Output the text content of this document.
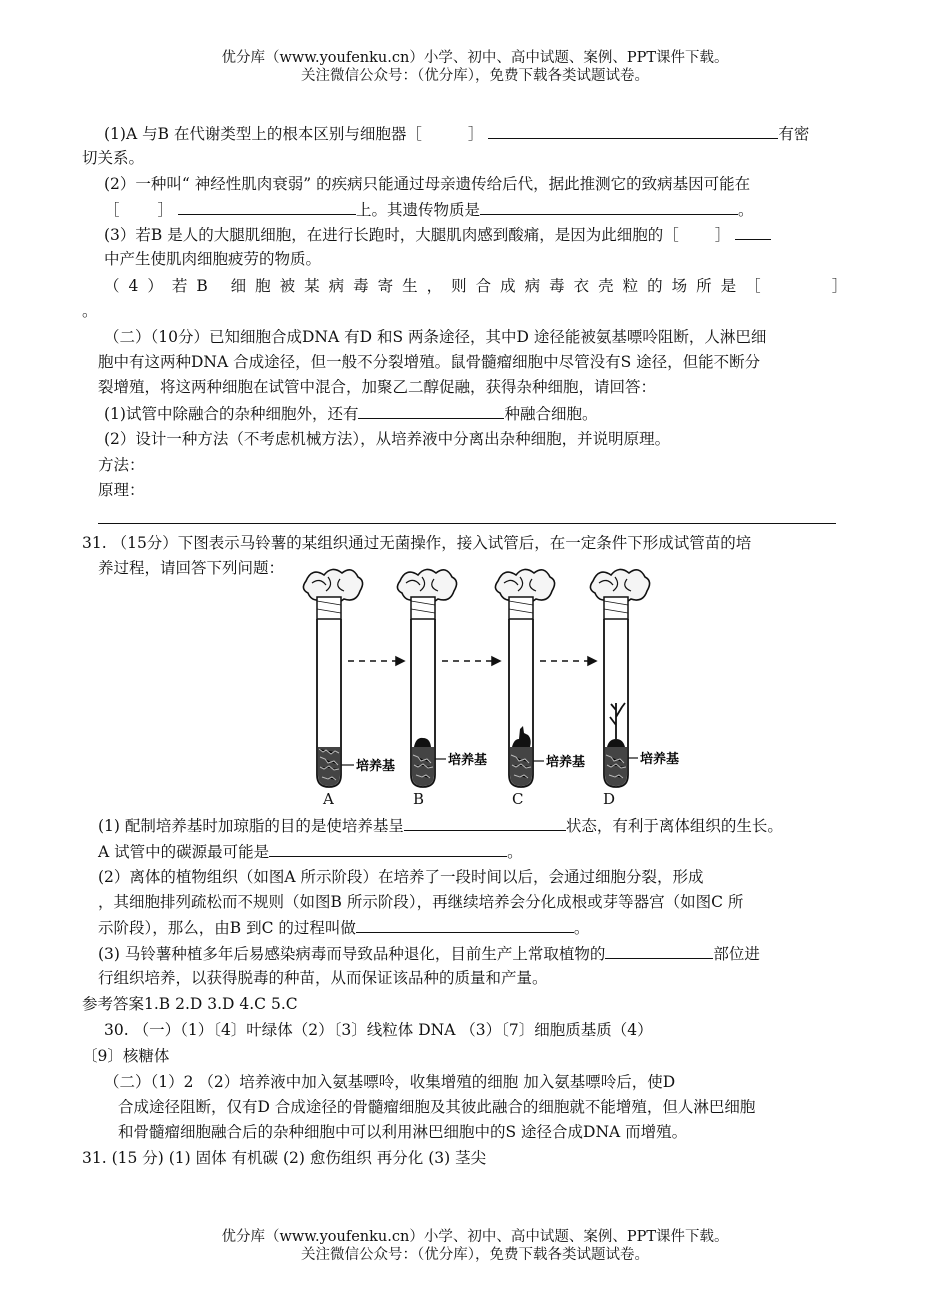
优分库（www.youfenku.cn）小学、初中、高中试题、案例、PPT课件下载。
关注微信公众号：（优分库），免费下载各类试题试卷。
(1)A 与B 在代谢类型上的根本区别与细胞器［	］	有密
切关系。
(2）一种叫“ 神经性肌肉衰弱” 的疾病只能通过母亲遗传给后代，据此推测它的致病基因可能在
［ ］	上。其遗传物质是	。
(3）若B 是人的大腿肌细胞，在进行长跑时，大腿肌肉感到酸痛，是因为此细胞的［ ］
中产生使肌肉细胞疲劳的物质。
（4）若B 细胞被某病毒寄生，则合成病毒衣壳粒的场所是［	］
。
（二）（10分）已知细胞合成DNA 有D 和S 两条途径，其中D 途径能被氨基嘌呤阻断，人淋巴细
胞中有这两种DNA 合成途径，但一般不分裂增殖。鼠骨髓瘤细胞中尽管没有S 途径，但能不断分
裂增殖，将这两种细胞在试管中混合，加聚乙二醇促融，获得杂种细胞，请回答：
(1)试管中除融合的杂种细胞外，还有	种融合细胞。
(2）设计一种方法（不考虑机械方法），从培养液中分离出杂种细胞，并说明原理。
方法：
原理：
31. （15分）下图表示马铃薯的某组织通过无菌操作，接入试管后，在一定条件下形成试管苗的培
养过程，请回答下列问题：
培养基	培养基	培养基	培养基
A	B	C	D
(1) 配制培养基时加琼脂的目的是使培养基呈	状态，有利于离体组织的生长。
A 试管中的碳源最可能是	。
(2）离体的植物组织（如图A 所示阶段）在培养了一段时间以后，会通过细胞分裂，形成
，其细胞排列疏松而不规则（如图B 所示阶段），再继续培养会分化成根或芽等器宫（如图C 所
示阶段），那么，由B 到C 的过程叫做	。
(3) 马铃薯种植多年后易感染病毒而导致品种退化，目前生产上常取植物的	部位进
行组织培养，以获得脱毒的种苗，从而保证该品种的质量和产量。
参考答案1.B 2.D 3.D 4.C 5.C
30. （一）（1）〔4〕叶绿体（2）〔3〕线粒体 DNA （3）〔7〕细胞质基质（4）
〔9〕核糖体
（二）（1）2 （2）培养液中加入氨基嘌呤，收集增殖的细胞 加入氨基嘌呤后，使D
合成途径阻断，仅有D 合成途径的骨髓瘤细胞及其彼此融合的细胞就不能增殖，但人淋巴细胞
和骨髓瘤细胞融合后的杂种细胞中可以利用淋巴细胞中的S 途径合成DNA 而增殖。
31. (15 分) (1) 固体 有机碳 (2) 愈伤组织 再分化 (3) 茎尖
优分库（www.youfenku.cn）小学、初中、高中试题、案例、PPT课件下载。
关注微信公众号：（优分库），免费下载各类试题试卷。
